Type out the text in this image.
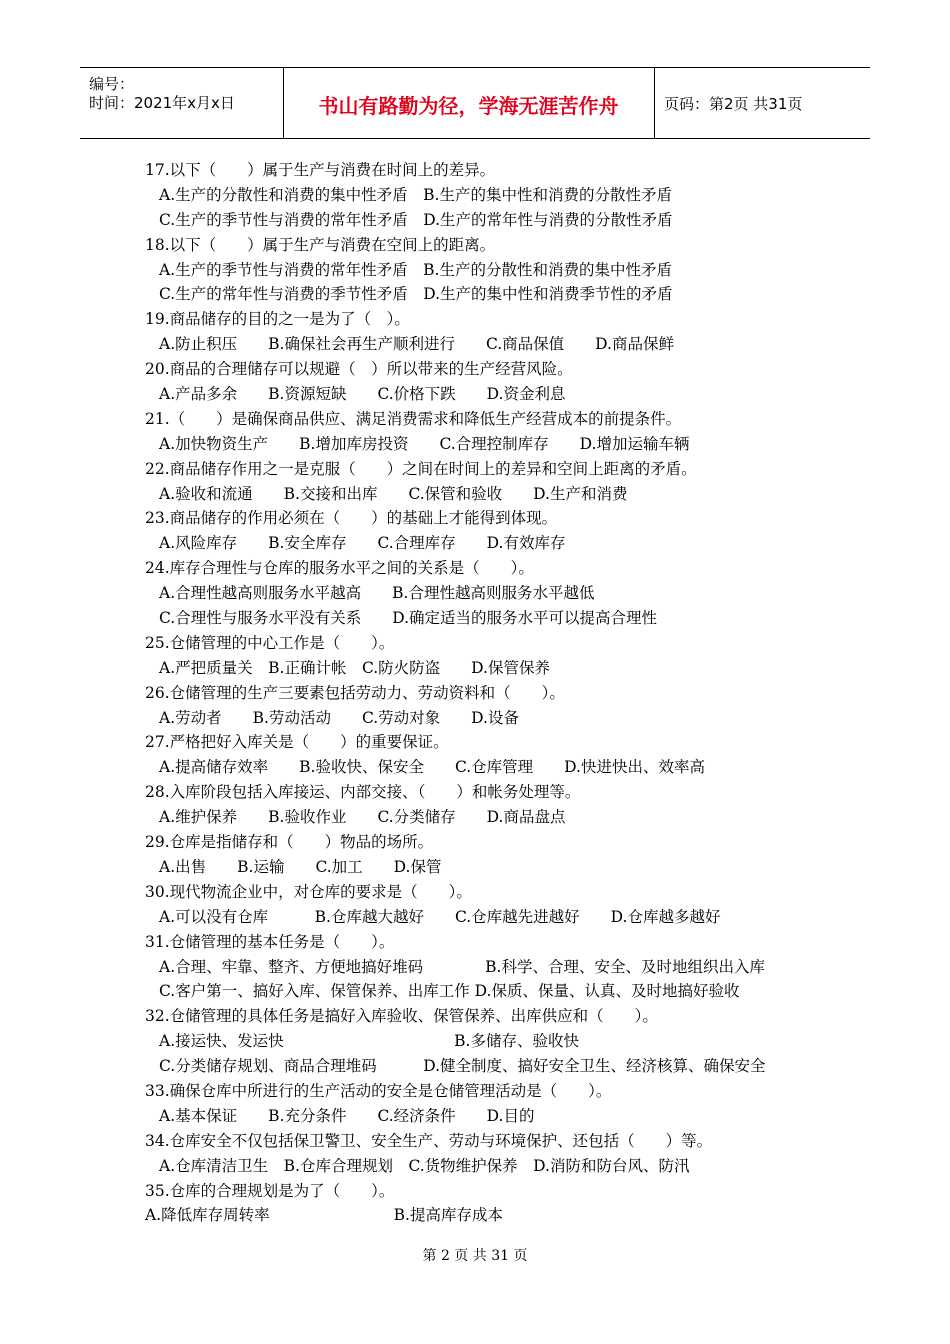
编号：
时间：2021年x月x日	书山有路勤为径，学海无涯苦作舟	页码：第2页 共31页
17.以下（　　）属于生产与消费在时间上的差异。
A.生产的分散性和消费的集中性矛盾　B.生产的集中性和消费的分散性矛盾
C.生产的季节性与消费的常年性矛盾　D.生产的常年性与消费的分散性矛盾
18.以下（　　）属于生产与消费在空间上的距离。
A.生产的季节性与消费的常年性矛盾　B.生产的分散性和消费的集中性矛盾
C.生产的常年性与消费的季节性矛盾　D.生产的集中性和消费季节性的矛盾
19.商品储存的目的之一是为了（　）。
A.防止积压　　B.确保社会再生产顺利进行　　C.商品保值　　D.商品保鲜
20.商品的合理储存可以规避（　）所以带来的生产经营风险。
A.产品多余　　B.资源短缺　　C.价格下跌　　D.资金利息
21.（　　）是确保商品供应、满足消费需求和降低生产经营成本的前提条件。
A.加快物资生产　　B.增加库房投资　　C.合理控制库存　　D.增加运输车辆
22.商品储存作用之一是克服（　　）之间在时间上的差异和空间上距离的矛盾。
A.验收和流通　　B.交接和出库　　C.保管和验收　　D.生产和消费
23.商品储存的作用必须在（　　）的基础上才能得到体现。
A.风险库存　　B.安全库存　　C.合理库存　　D.有效库存
24.库存合理性与仓库的服务水平之间的关系是（　　）。
A.合理性越高则服务水平越高　　B.合理性越高则服务水平越低
C.合理性与服务水平没有关系　　D.确定适当的服务水平可以提高合理性
25.仓储管理的中心工作是（　　）。
A.严把质量关　B.正确计帐　C.防火防盗　　D.保管保养
26.仓储管理的生产三要素包括劳动力、劳动资料和（　　）。
A.劳动者　　B.劳动活动　　C.劳动对象　　D.设备
27.严格把好入库关是（　　）的重要保证。
A.提高储存效率　　B.验收快、保安全　　C.仓库管理　　D.快进快出、效率高
28.入库阶段包括入库接运、内部交接、（　　）和帐务处理等。
A.维护保养　　B.验收作业　　C.分类储存　　D.商品盘点
29.仓库是指储存和（　　）物品的场所。
A.出售　　B.运输　　C.加工　　D.保管
30.现代物流企业中，对仓库的要求是（　　）。
A.可以没有仓库　　　B.仓库越大越好　　C.仓库越先进越好　　D.仓库越多越好
31.仓储管理的基本任务是（　　）。
A.合理、牢靠、整齐、方便地搞好堆码　　　　B.科学、合理、安全、及时地组织出入库
C.客户第一、搞好入库、保管保养、出库工作 D.保质、保量、认真、及时地搞好验收
32.仓储管理的具体任务是搞好入库验收、保管保养、出库供应和（　　）。
A.接运快、发运快　　　　　　　　　　　B.多储存、验收快
C.分类储存规划、商品合理堆码　　　D.健全制度、搞好安全卫生、经济核算、确保安全
33.确保仓库中所进行的生产活动的安全是仓储管理活动是（　　）。
A.基本保证　　B.充分条件　　C.经济条件　　D.目的
34.仓库安全不仅包括保卫警卫、安全生产、劳动与环境保护、还包括（　　）等。
A.仓库清洁卫生　B.仓库合理规划　C.货物维护保养　D.消防和防台风、防汛
35.仓库的合理规划是为了（　　）。
A.降低库存周转率　　　　　　　　B.提高库存成本
第 2 页 共 31 页
